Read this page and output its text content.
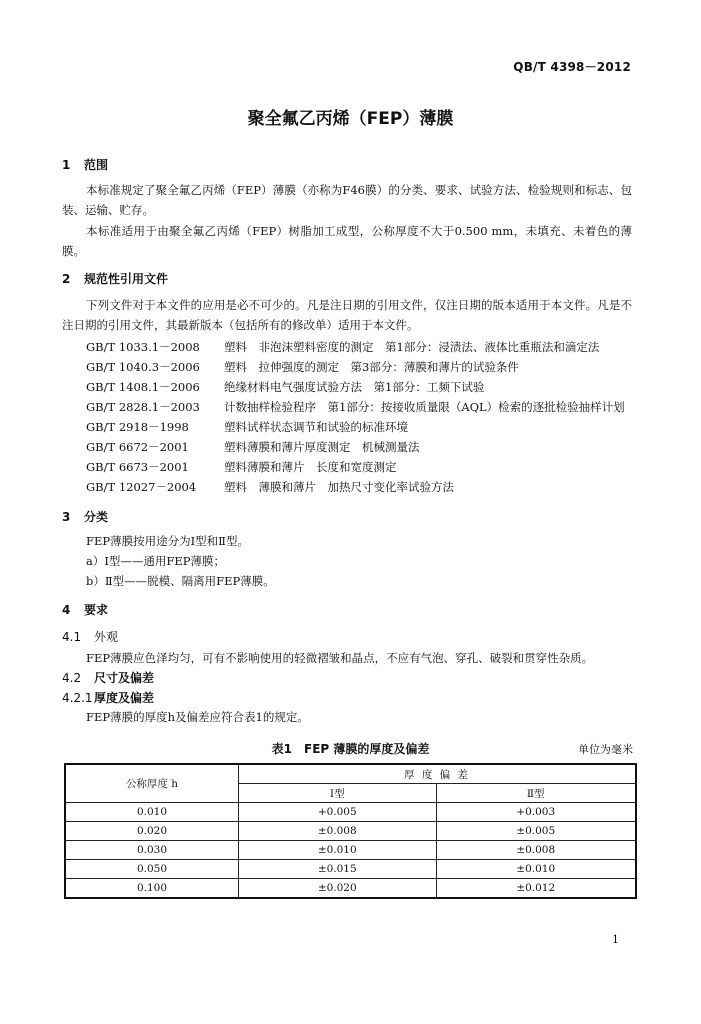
QB/T 4398－2012
聚全氟乙丙烯（FEP）薄膜
1 范围
本标准规定了聚全氟乙丙烯（FEP）薄膜（亦称为F46膜）的分类、要求、试验方法、检验规则和标志、包装、运输、贮存。
本标准适用于由聚全氟乙丙烯（FEP）树脂加工成型，公称厚度不大于0.500 mm，未填充、未着色的薄膜。
2 规范性引用文件
下列文件对于本文件的应用是必不可少的。凡是注日期的引用文件，仅注日期的版本适用于本文件。凡是不注日期的引用文件，其最新版本（包括所有的修改单）适用于本文件。
GB/T 1033.1－2008 塑料　非泡沫塑料密度的测定　第1部分：浸渍法、液体比重瓶法和滴定法
GB/T 1040.3－2006 塑料　拉伸强度的测定　第3部分：薄膜和薄片的试验条件
GB/T 1408.1－2006 绝缘材料电气强度试验方法　第1部分：工频下试验
GB/T 2828.1－2003 计数抽样检验程序　第1部分：按接收质量限（AQL）检索的逐批检验抽样计划
GB/T 2918－1998	塑料试样状态调节和试验的标准环境
GB/T 6672－2001	塑料薄膜和薄片厚度测定　机械测量法
GB/T 6673－2001	塑料薄膜和薄片　长度和宽度测定
GB/T 12027－2004 塑料　薄膜和薄片　加热尺寸变化率试验方法
3 分类
FEP薄膜按用途分为Ⅰ型和Ⅱ型。
a）Ⅰ型——通用FEP薄膜；
b）Ⅱ型——脱模、隔离用FEP薄膜。
4 要求
4.1 外观
FEP薄膜应色泽均匀，可有不影响使用的轻微褶皱和晶点，不应有气泡、穿孔、破裂和贯穿性杂质。
4.2 尺寸及偏差
4.2.1厚度及偏差
FEP薄膜的厚度h及偏差应符合表1的规定。
表1　FEP 薄膜的厚度及偏差	单位为毫米
公称厚度 h	厚 度 偏 差	
	Ⅰ型	Ⅱ型
0.010	+0.005	+0.003
0.020	±0.008	±0.005
0.030	±0.010	±0.008
0.050	±0.015	±0.010
0.100	±0.020	±0.012
1
